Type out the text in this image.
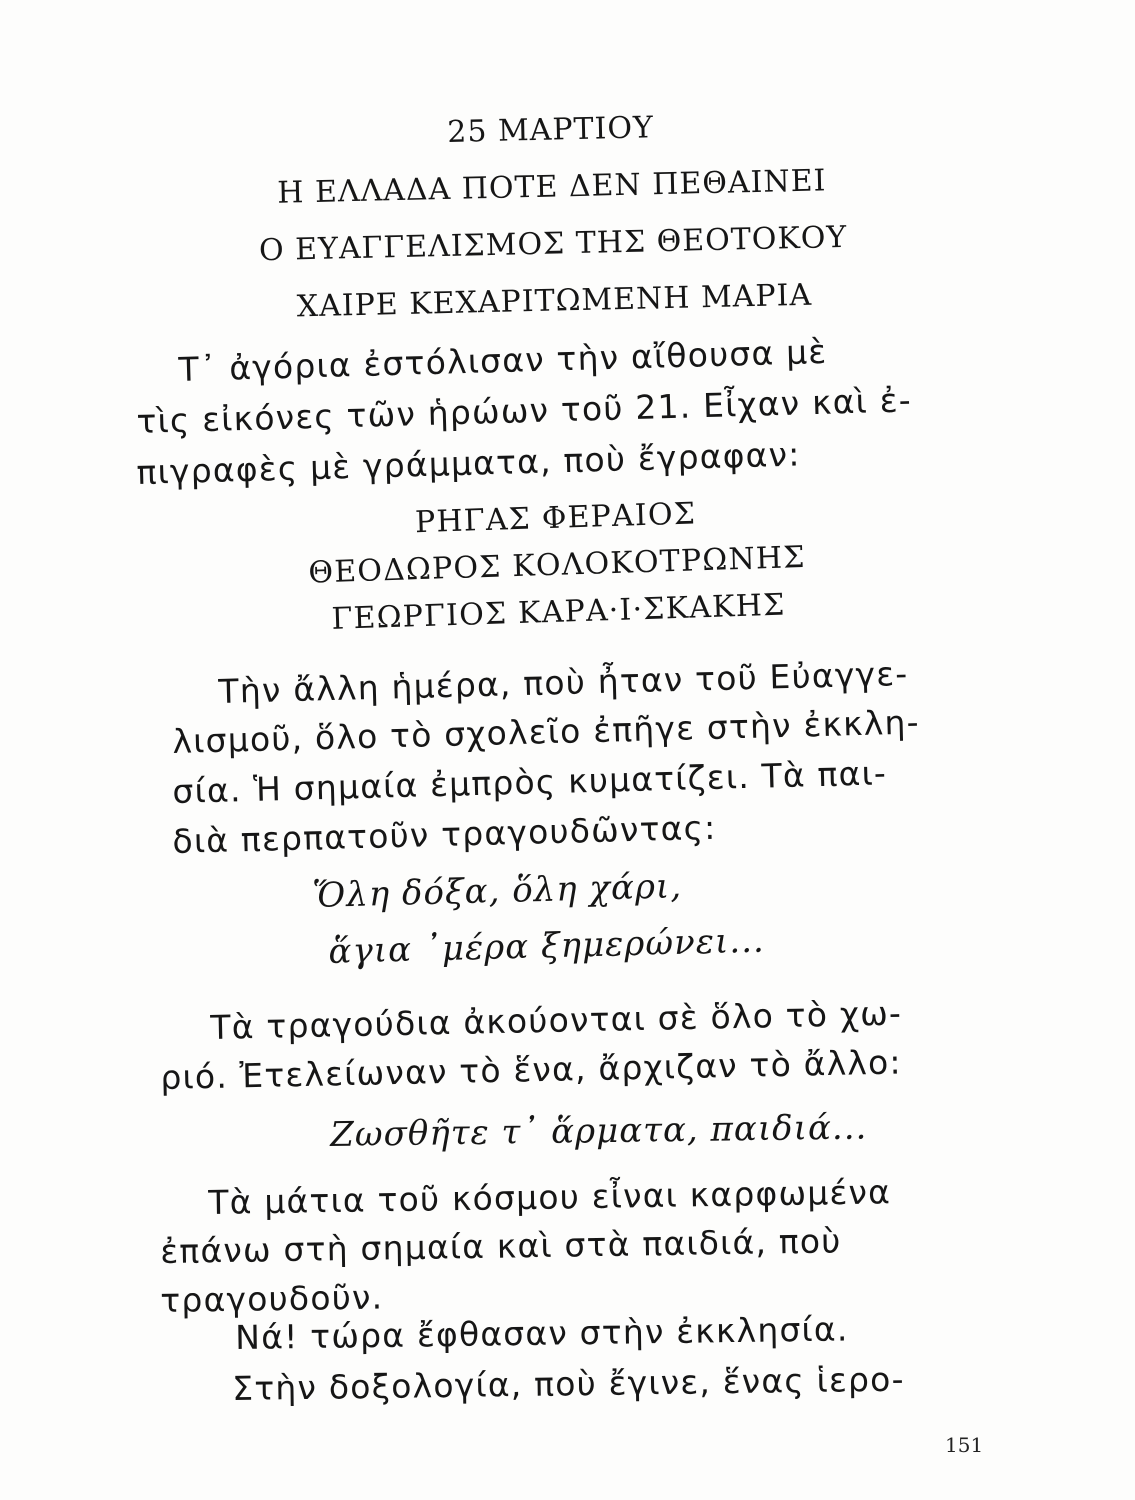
25 ΜΑΡΤΙΟΥ
Η ΕΛΛΑΔΑ ΠΟΤΕ ΔΕΝ ΠΕΘΑΙΝΕΙ
Ο ΕΥΑΓΓΕΛΙΣΜΟΣ ΤΗΣ ΘΕΟΤΟΚΟΥ
ΧΑΙΡΕ ΚΕΧΑΡΙΤΩΜΕΝΗ ΜΑΡΙΑ
Τ᾽ ἀγόρια ἐστόλισαν τὴν αἴθουσα μὲ
τὶς εἰκόνες τῶν ἡρώων τοῦ 21. Εἶχαν καὶ ἐ-
πιγραφὲς μὲ γράμματα, ποὺ ἔγραφαν:
ΡΗΓΑΣ ΦΕΡΑΙΟΣ
ΘΕΟΔΩΡΟΣ ΚΟΛΟΚΟΤΡΩΝΗΣ
ΓΕΩΡΓΙΟΣ ΚΑΡΑ·Ι·ΣΚΑΚΗΣ
Τὴν ἄλλη ἡμέρα, ποὺ ἦταν τοῦ Εὐαγγε-
λισμοῦ, ὅλο τὸ σχολεῖο ἐπῆγε στὴν ἐκκλη-
σία. Ἡ σημαία ἐμπρὸς κυματίζει. Τὰ παι-
διὰ περπατοῦν τραγουδῶντας:
Ὅλη δόξα, ὅλη χάρι,
ἅγια ᾽μέρα ξημερώνει...
Τὰ τραγούδια ἀκούονται σὲ ὅλο τὸ χω-
ριό. Ἐτελείωναν τὸ ἕνα, ἄρχιζαν τὸ ἄλλο:
Ζωσθῆτε τ᾽ ἅρματα, παιδιά...
Τὰ μάτια τοῦ κόσμου εἶναι καρφωμένα
ἐπάνω στὴ σημαία καὶ στὰ παιδιά, ποὺ
τραγουδοῦν.
Νά! τώρα ἔφθασαν στὴν ἐκκλησία.
Στὴν δοξολογία, ποὺ ἔγινε, ἕνας ἱερο-
151
